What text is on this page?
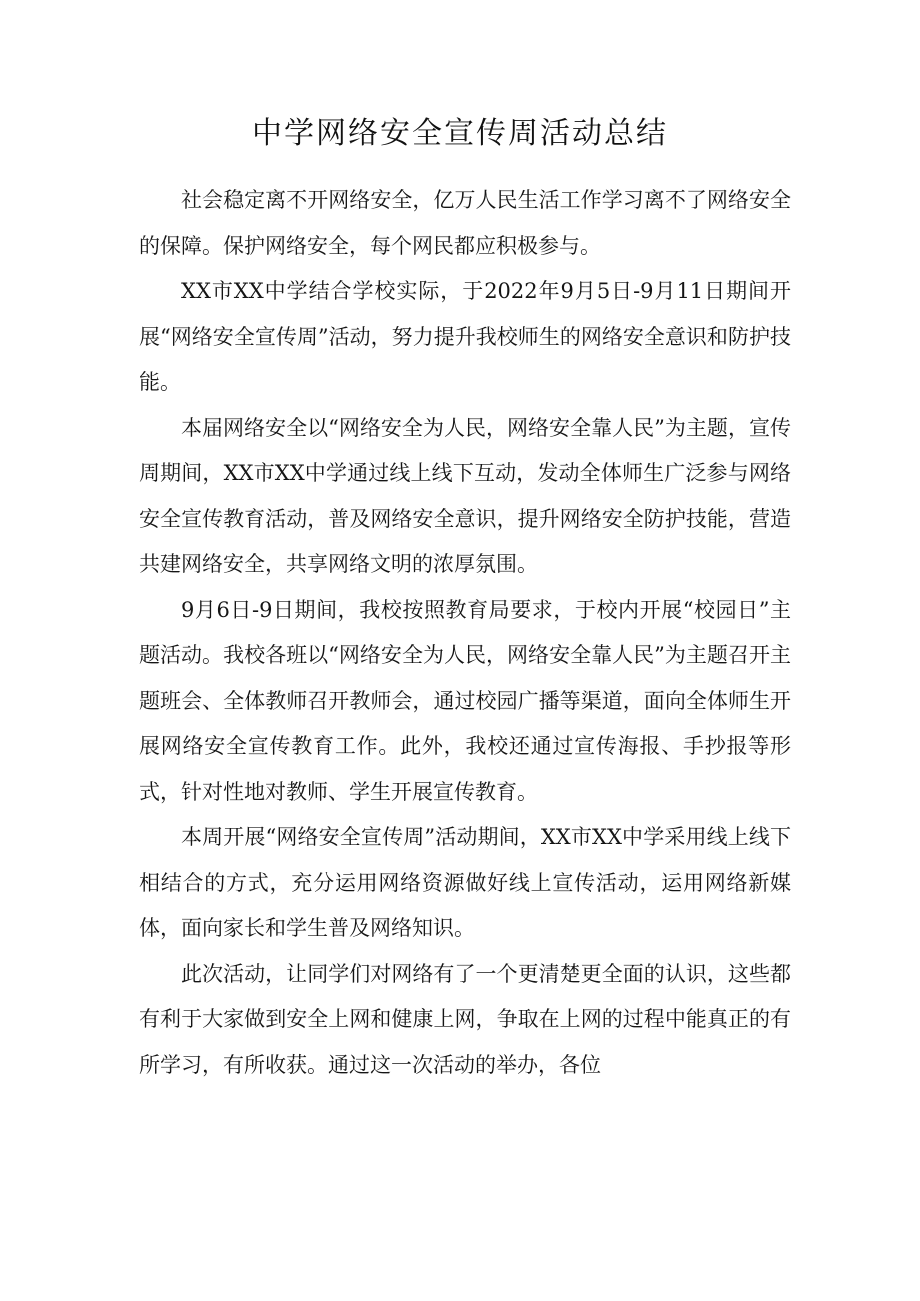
中学网络安全宣传周活动总结

社会稳定离不开网络安全，亿万人民生活工作学习离不了网络安全的保障。保护网络安全，每个网民都应积极参与。

XX市XX中学结合学校实际，于2022年9月5日-9月11日期间开展“网络安全宣传周”活动，努力提升我校师生的网络安全意识和防护技能。

本届网络安全以“网络安全为人民，网络安全靠人民”为主题，宣传周期间，XX市XX中学通过线上线下互动，发动全体师生广泛参与网络安全宣传教育活动，普及网络安全意识，提升网络安全防护技能，营造共建网络安全，共享网络文明的浓厚氛围。

9月6日-9日期间，我校按照教育局要求，于校内开展“校园日”主题活动。我校各班以“网络安全为人民，网络安全靠人民”为主题召开主题班会、全体教师召开教师会，通过校园广播等渠道，面向全体师生开展网络安全宣传教育工作。此外，我校还通过宣传海报、手抄报等形式，针对性地对教师、学生开展宣传教育。

本周开展“网络安全宣传周”活动期间，XX市XX中学采用线上线下相结合的方式，充分运用网络资源做好线上宣传活动，运用网络新媒体，面向家长和学生普及网络知识。

此次活动，让同学们对网络有了一个更清楚更全面的认识，这些都有利于大家做到安全上网和健康上网，争取在上网的过程中能真正的有所学习，有所收获。通过这一次活动的举办，各位
